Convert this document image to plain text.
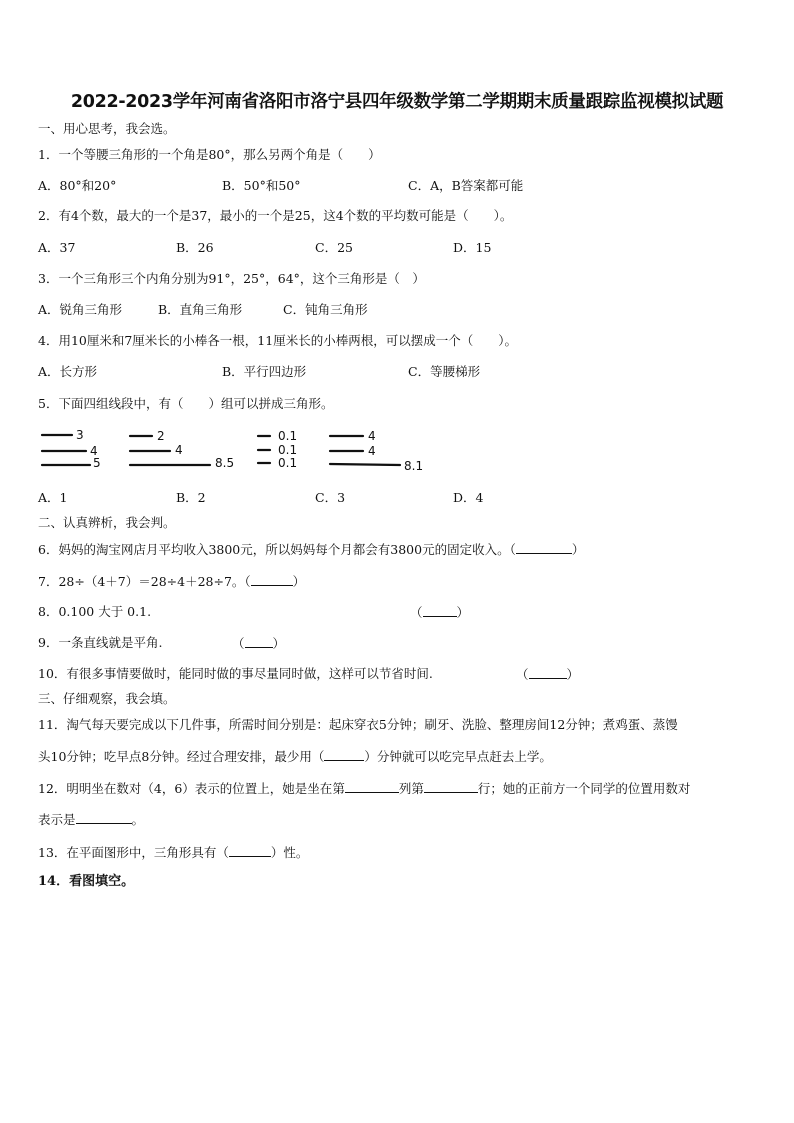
2022-2023学年河南省洛阳市洛宁县四年级数学第二学期期末质量跟踪监视模拟试题
一、用心思考，我会选。
1．一个等腰三角形的一个角是80°，那么另两个角是（　　）
A．80°和20°	B．50°和50°	C．A，B答案都可能
2．有4个数，最大的一个是37，最小的一个是25，这4个数的平均数可能是（　　）。
A．37	B．26	C．25	D．15
3．一个三角形三个内角分别为91°，25°，64°，这个三角形是（　）
A．锐角三角形	B．直角三角形	C．钝角三角形
4．用10厘米和7厘米长的小棒各一根，11厘米长的小棒两根，可以摆成一个（　　）。
A．长方形	B．平行四边形	C．等腰梯形
5．下面四组线段中，有（　　）组可以拼成三角形。
3
4
5
2
4
8.5
0.1
0.1
0.1
4
4
8.1
A．1	B．2	C．3	D．4
二、认真辨析，我会判。
6．妈妈的淘宝网店月平均收入3800元，所以妈妈每个月都会有3800元的固定收入。（	）
7．28÷（4＋7）＝28÷4＋28÷7。（	）
8．0.100 大于 0.1.	（	）
9．一条直线就是平角.	（ ）
10．有很多事情要做时，能同时做的事尽量同时做，这样可以节省时间.	（	）
三、仔细观察，我会填。
11．淘气每天要完成以下几件事，所需时间分别是：起床穿衣5分钟；刷牙、洗脸、整理房间12分钟；煮鸡蛋、蒸馒
头10分钟；吃早点8分钟。经过合理安排，最少用（	）分钟就可以吃完早点赶去上学。
12．明明坐在数对（4，6）表示的位置上，她是坐在第	列第	行；她的正前方一个同学的位置用数对
表示是	。
13．在平面图形中，三角形具有（	）性。
14．看图填空。
